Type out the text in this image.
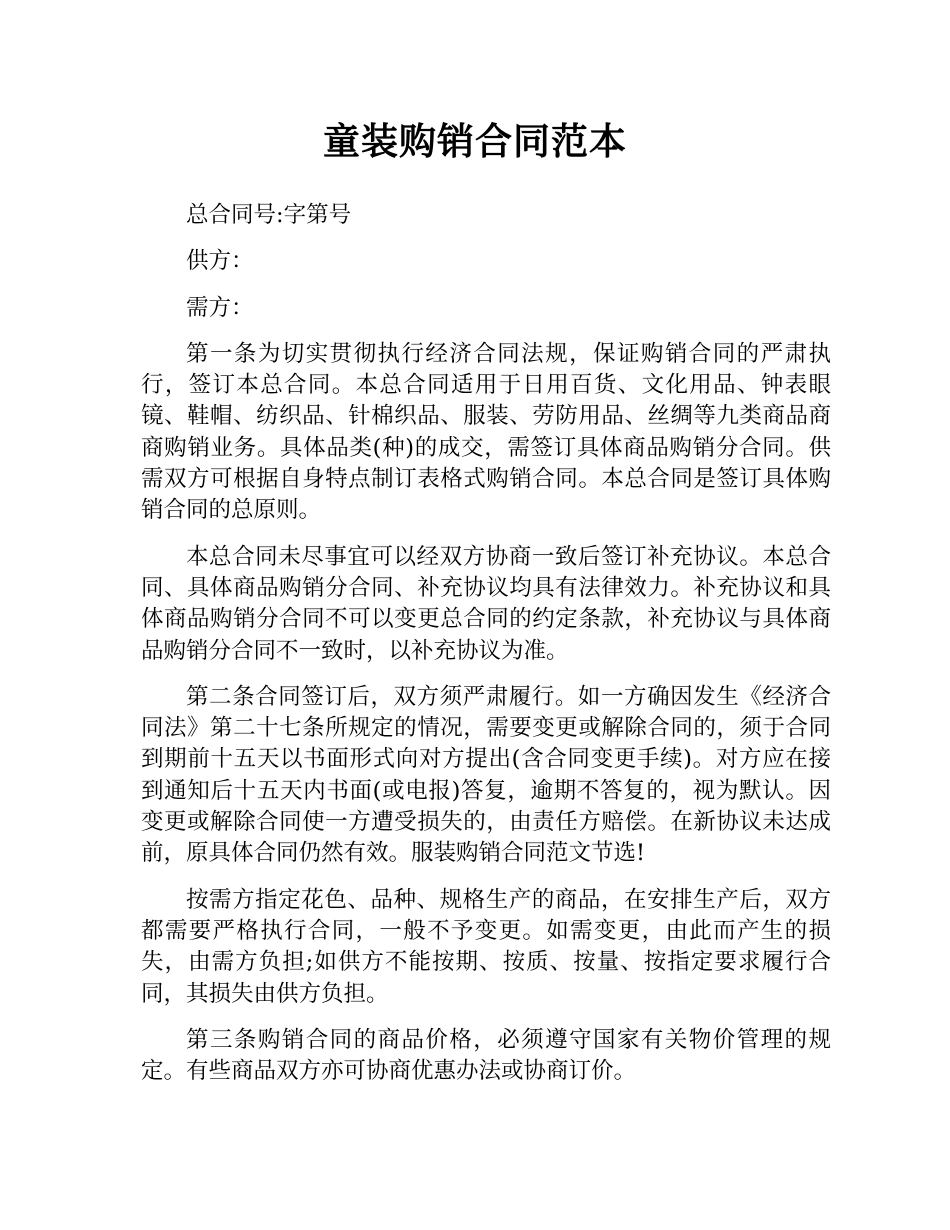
童装购销合同范本

总合同号:字第号

供方：

需方：

第一条为切实贯彻执行经济合同法规，保证购销合同的严肃执行，签订本总合同。本总合同适用于日用百货、文化用品、钟表眼镜、鞋帽、纺织品、针棉织品、服装、劳防用品、丝绸等九类商品商商购销业务。具体品类(种)的成交，需签订具体商品购销分合同。供需双方可根据自身特点制订表格式购销合同。本总合同是签订具体购销合同的总原则。

本总合同未尽事宜可以经双方协商一致后签订补充协议。本总合同、具体商品购销分合同、补充协议均具有法律效力。补充协议和具体商品购销分合同不可以变更总合同的约定条款，补充协议与具体商品购销分合同不一致时，以补充协议为准。

第二条合同签订后，双方须严肃履行。如一方确因发生《经济合同法》第二十七条所规定的情况，需要变更或解除合同的，须于合同到期前十五天以书面形式向对方提出(含合同变更手续)。对方应在接到通知后十五天内书面(或电报)答复，逾期不答复的，视为默认。因变更或解除合同使一方遭受损失的，由责任方赔偿。在新协议未达成前，原具体合同仍然有效。服装购销合同范文节选!

按需方指定花色、品种、规格生产的商品，在安排生产后，双方都需要严格执行合同，一般不予变更。如需变更，由此而产生的损失，由需方负担;如供方不能按期、按质、按量、按指定要求履行合同，其损失由供方负担。

第三条购销合同的商品价格，必须遵守国家有关物价管理的规定。有些商品双方亦可协商优惠办法或协商订价。
